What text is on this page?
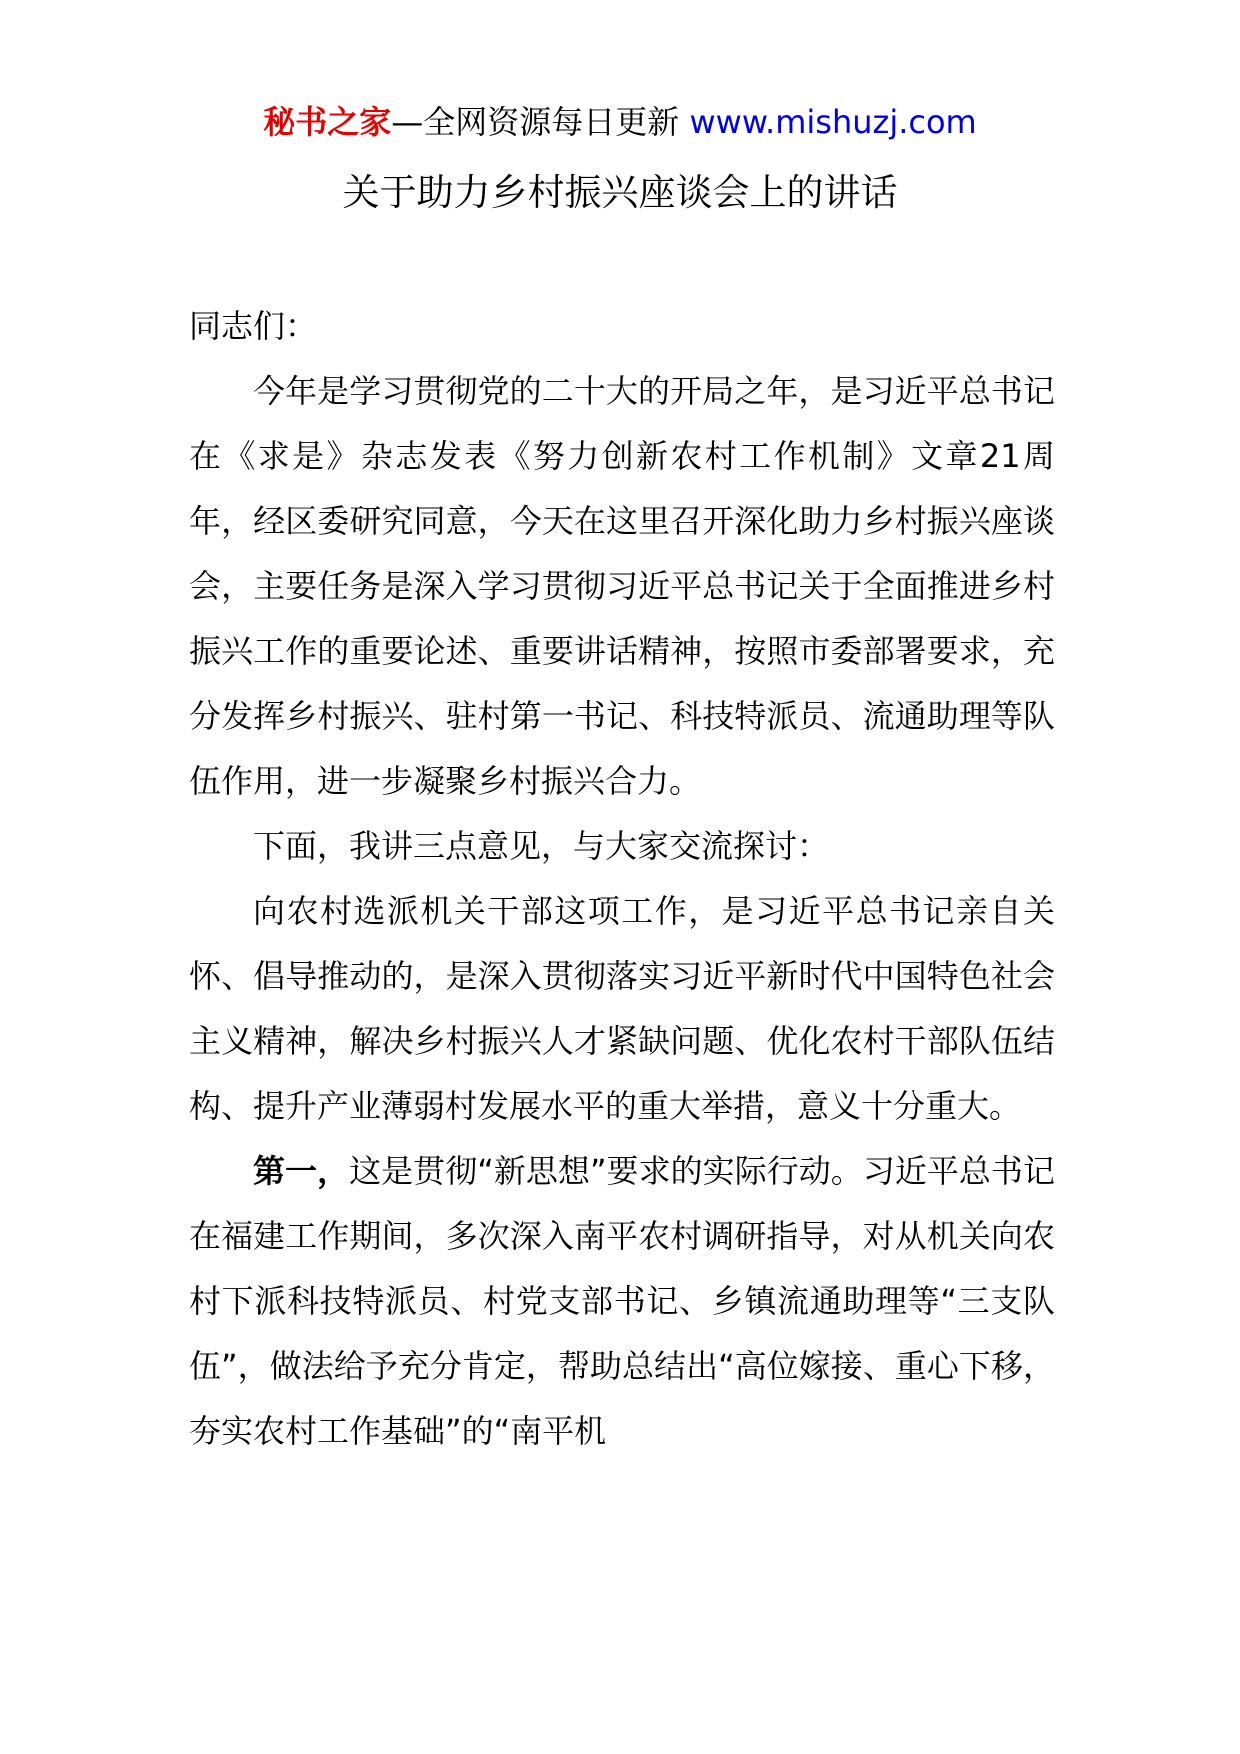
秘书之家—全网资源每日更新 www.mishuzj.com
关于助力乡村振兴座谈会上的讲话

同志们：

今年是学习贯彻党的二十大的开局之年，是习近平总书记在《求是》杂志发表《努力创新农村工作机制》文章21周年，经区委研究同意，今天在这里召开深化助力乡村振兴座谈会，主要任务是深入学习贯彻习近平总书记关于全面推进乡村振兴工作的重要论述、重要讲话精神，按照市委部署要求，充分发挥乡村振兴、驻村第一书记、科技特派员、流通助理等队伍作用，进一步凝聚乡村振兴合力。

下面，我讲三点意见，与大家交流探讨：

向农村选派机关干部这项工作，是习近平总书记亲自关怀、倡导推动的，是深入贯彻落实习近平新时代中国特色社会主义精神，解决乡村振兴人才紧缺问题、优化农村干部队伍结构、提升产业薄弱村发展水平的重大举措，意义十分重大。

第一，这是贯彻“新思想”要求的实际行动。习近平总书记在福建工作期间，多次深入南平农村调研指导，对从机关向农村下派科技特派员、村党支部书记、乡镇流通助理等“三支队伍”，做法给予充分肯定，帮助总结出“高位嫁接、重心下移，夯实农村工作基础”的“南平机
